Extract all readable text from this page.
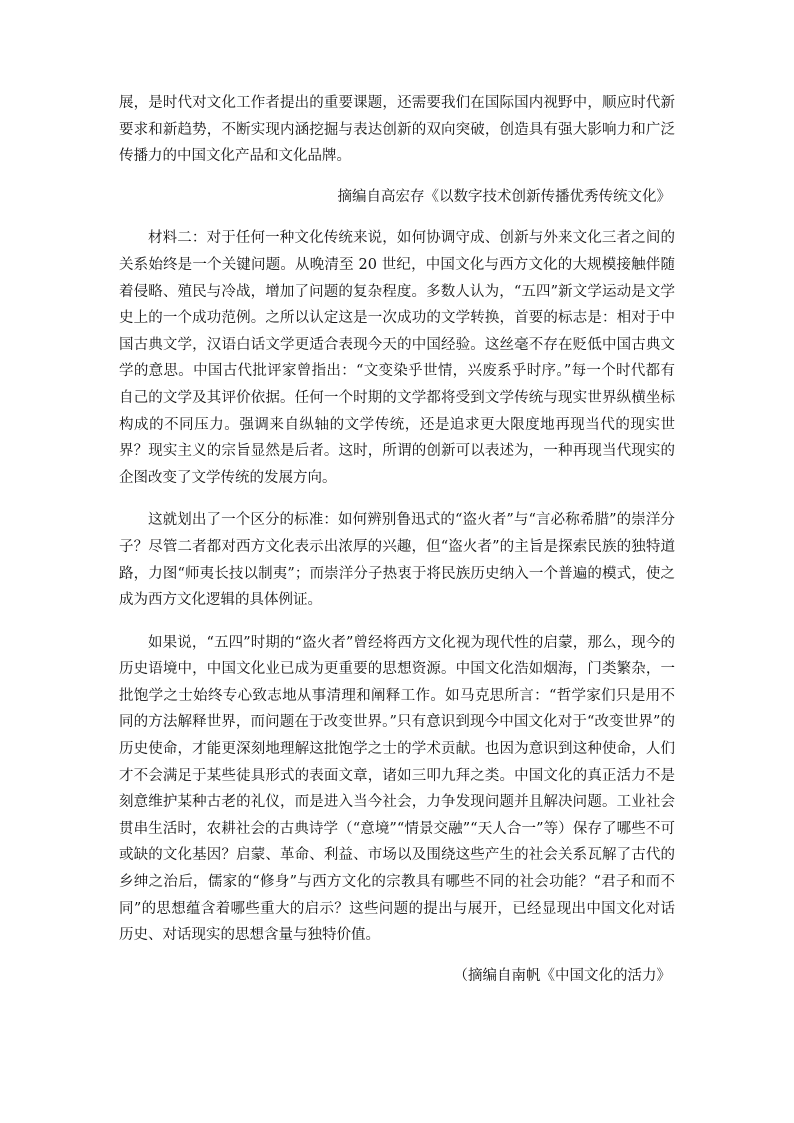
展，是时代对文化工作者提出的重要课题，还需要我们在国际国内视野中，顺应时代新要求和新趋势，不断实现内涵挖掘与表达创新的双向突破，创造具有强大影响力和广泛传播力的中国文化产品和文化品牌。

摘编自高宏存《以数字技术创新传播优秀传统文化》

材料二：对于任何一种文化传统来说，如何协调守成、创新与外来文化三者之间的关系始终是一个关键问题。从晚清至 20 世纪，中国文化与西方文化的大规模接触伴随着侵略、殖民与冷战，增加了问题的复杂程度。多数人认为，“五四”新文学运动是文学史上的一个成功范例。之所以认定这是一次成功的文学转换，首要的标志是：相对于中国古典文学，汉语白话文学更适合表现今天的中国经验。这丝毫不存在贬低中国古典文学的意思。中国古代批评家曾指出：“文变染乎世情，兴废系乎时序。”每一个时代都有自己的文学及其评价依据。任何一个时期的文学都将受到文学传统与现实世界纵横坐标构成的不同压力。强调来自纵轴的文学传统，还是追求更大限度地再现当代的现实世界？现实主义的宗旨显然是后者。这时，所谓的创新可以表述为，一种再现当代现实的企图改变了文学传统的发展方向。

这就划出了一个区分的标准：如何辨别鲁迅式的“盗火者”与“言必称希腊”的崇洋分子？尽管二者都对西方文化表示出浓厚的兴趣，但“盗火者”的主旨是探索民族的独特道路，力图“师夷长技以制夷”；而崇洋分子热衷于将民族历史纳入一个普遍的模式，使之成为西方文化逻辑的具体例证。

如果说，“五四”时期的“盗火者”曾经将西方文化视为现代性的启蒙，那么，现今的历史语境中，中国文化业已成为更重要的思想资源。中国文化浩如烟海，门类繁杂，一批饱学之士始终专心致志地从事清理和阐释工作。如马克思所言：“哲学家们只是用不同的方法解释世界，而问题在于改变世界。”只有意识到现今中国文化对于“改变世界”的历史使命，才能更深刻地理解这批饱学之士的学术贡献。也因为意识到这种使命，人们才不会满足于某些徒具形式的表面文章，诸如三叩九拜之类。中国文化的真正活力不是刻意维护某种古老的礼仪，而是进入当今社会，力争发现问题并且解决问题。工业社会贯串生活时，农耕社会的古典诗学（“意境”“情景交融”“天人合一”等）保存了哪些不可或缺的文化基因？启蒙、革命、利益、市场以及围绕这些产生的社会关系瓦解了古代的乡绅之治后，儒家的“修身”与西方文化的宗教具有哪些不同的社会功能？“君子和而不同”的思想蕴含着哪些重大的启示？这些问题的提出与展开，已经显现出中国文化对话历史、对话现实的思想含量与独特价值。

（摘编自南帆《中国文化的活力》
